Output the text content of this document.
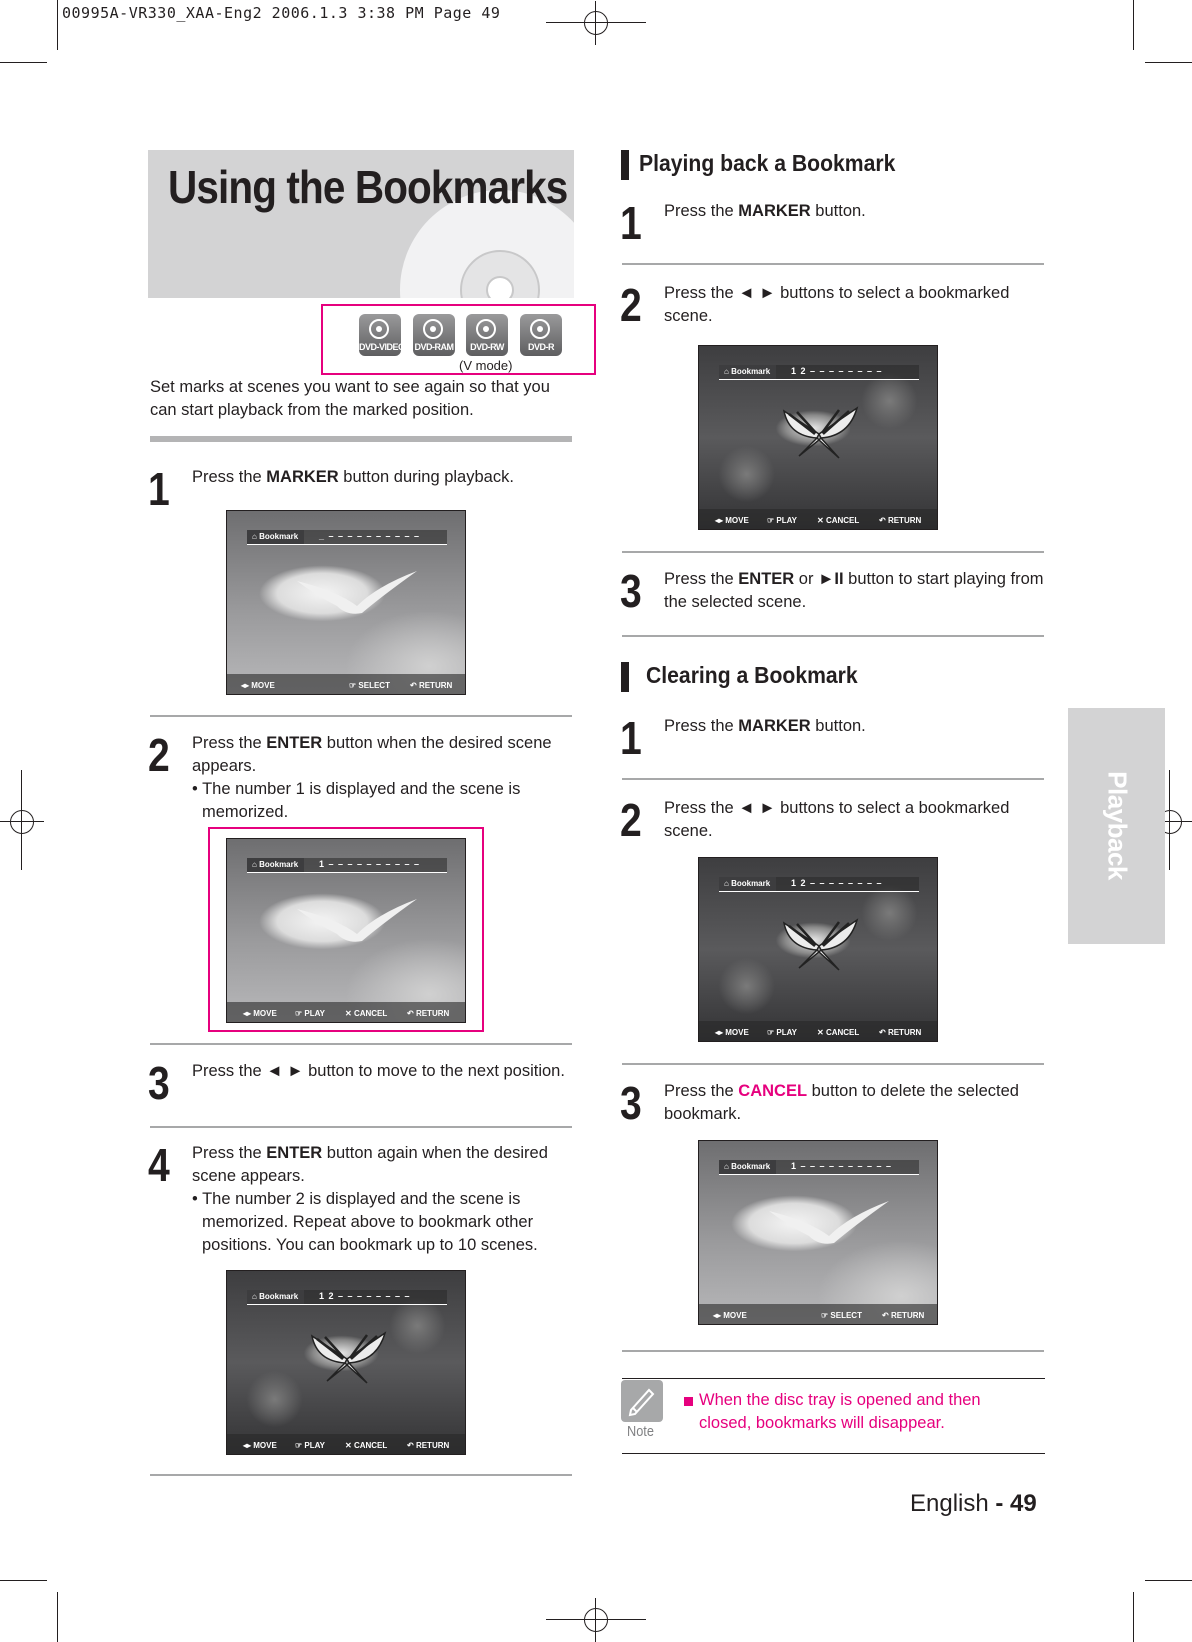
00995A-VR330_XAA-Eng2 2006.1.3 3:38 PM Page 49
Using the Bookmarks
DVD-VIDEO DVD-RAM	DVD-RW	DVD-R
(V mode)
Set marks at scenes you want to see again so that you can start playback from the marked position.
1 Press the MARKER button during playback.
⌂ Bookmark	_ – – – – – – – – – –
◂▸ MOVE	☞ SELECT	↶ RETURN
2 Press the ENTER button when the desired scene appears.
• The number 1 is displayed and the scene is memorized.
⌂ Bookmark	1 – – – – – – – – – –
◂▸ MOVE ☞ PLAY ✕ CANCEL ↶ RETURN
3 Press the ◄ ► button to move to the next position.
4 Press the ENTER button again when the desired scene appears.
• The number 2 is displayed and the scene is memorized. Repeat above to bookmark other positions. You can bookmark up to 10 scenes.
⌂ Bookmark	1 2 – – – – – – – –
◂▸ MOVE ☞ PLAY ✕ CANCEL ↶ RETURN
Playing back a Bookmark
1 Press the MARKER button.
2 Press the ◄ ► buttons to select a bookmarked scene.
⌂ Bookmark	1 2 – – – – – – – –
◂▸ MOVE ☞ PLAY ✕ CANCEL ↶ RETURN
3 Press the ENTER or ►II button to start playing from the selected scene.
Clearing a Bookmark
1 Press the MARKER button.
2 Press the ◄ ► buttons to select a bookmarked scene.
⌂ Bookmark	1 2 – – – – – – – –
◂▸ MOVE ☞ PLAY ✕ CANCEL ↶ RETURN
3 Press the CANCEL button to delete the selected bookmark.
⌂ Bookmark	1 – – – – – – – – – –
◂▸ MOVE	☞ SELECT	↶ RETURN
Note
When the disc tray is opened and then closed, bookmarks will disappear.
Playback
English - 49
